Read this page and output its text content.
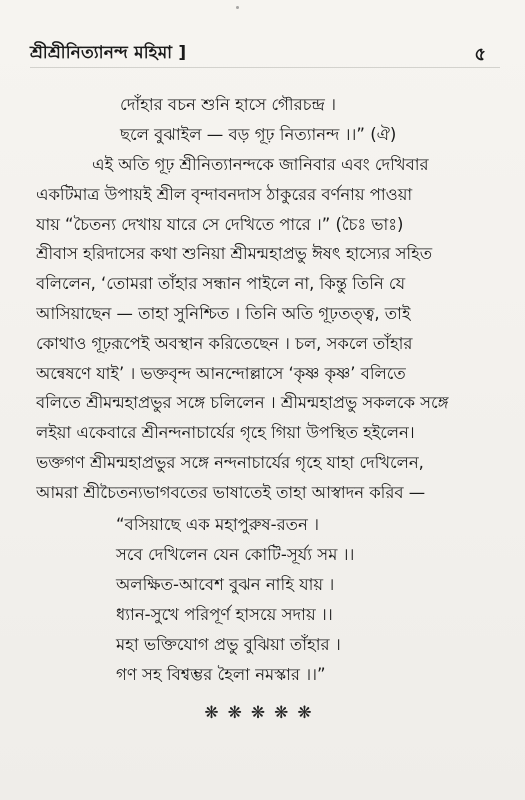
শ্রীশ্রীনিত্যানন্দ মহিমা ]	৫
দোঁহার বচন শুনি হাসে গৌরচন্দ্র ।
ছলে বুঝাইল — বড় গূঢ় নিত্যানন্দ ।।” (ঐ)
এই অতি গূঢ় শ্রীনিত্যানন্দকে জানিবার এবং দেখিবার
একটিমাত্র উপায়ই শ্রীল বৃন্দাবনদাস ঠাকুরের বর্ণনায় পাওয়া
যায় “চৈতন্য দেখায় যারে সে দেখিতে পারে ।” (চৈঃ ভাঃ)
শ্রীবাস হরিদাসের কথা শুনিয়া শ্রীমন্মহাপ্রভু ঈষৎ হাস্যের সহিত
বলিলেন, ‘তোমরা তাঁহার সন্ধান পাইলে না, কিন্তু তিনি যে
আসিয়াছেন — তাহা সুনিশ্চিত । তিনি অতি গূঢ়তত্ত্ব, তাই
কোথাও গূঢ়রূপেই অবস্থান করিতেছেন । চল, সকলে তাঁহার
অন্বেষণে যাই’ । ভক্তবৃন্দ আনন্দোল্লাসে ‘কৃষ্ণ কৃষ্ণ’ বলিতে
বলিতে শ্রীমন্মহাপ্রভুর সঙ্গে চলিলেন । শ্রীমন্মহাপ্রভু সকলকে সঙ্গে
লইয়া একেবারে শ্রীনন্দনাচার্যের গৃহে গিয়া উপস্থিত হইলেন।
ভক্তগণ শ্রীমন্মহাপ্রভুর সঙ্গে নন্দনাচার্যের গৃহে যাহা দেখিলেন,
আমরা শ্রীচৈতন্যভাগবতের ভাষাতেই তাহা আস্বাদন করিব —
“বসিয়াছে এক মহাপুরুষ-রতন ।
সবে দেখিলেন যেন কোটি-সূর্য্য সম ।।
অলক্ষিত-আবেশ বুঝন নাহি যায় ।
ধ্যান-সুখে পরিপূর্ণ হাসয়ে সদায় ।।
মহা ভক্তিযোগ প্রভু বুঝিয়া তাঁহার ।
গণ সহ বিশ্বম্ভর হৈলা নমস্কার ।।”
❋❋❋❋❋
